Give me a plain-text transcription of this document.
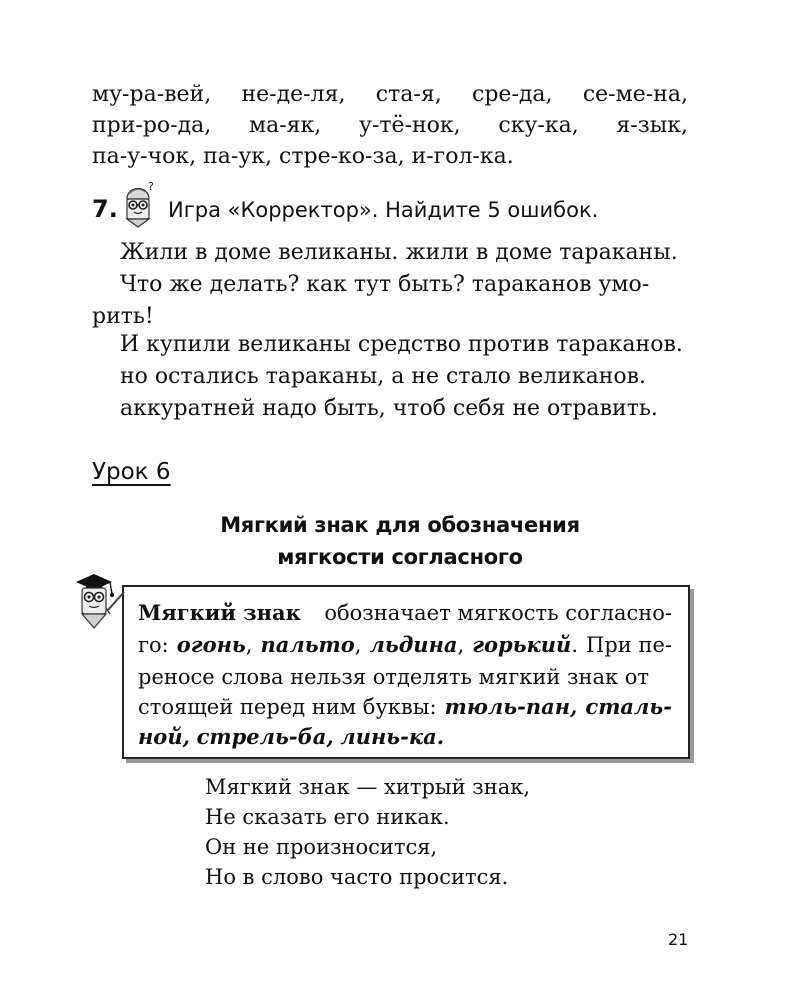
му-ра-вей, не-де-ля, ста-я, сре-да, се-ме-на,
при-ро-да, ма-як, у-тё-нок, ску-ка, я-зык,
па-у-чок, па-ук, стре-ко-за, и-гол-ка.
7.
?
Игра «Корректор». Найдите 5 ошибок.
Жили в доме великаны. жили в доме тараканы.
Что же делать? как тут быть? тараканов умо-
рить!
И купили великаны средство против тараканов.
но остались тараканы, а не стало великанов.
аккуратней надо быть, чтоб себя не отравить.
Урок 6
Мягкий знак для обозначения
мягкости согласного
Мягкий знак обозначает мягкость согласно-
го: огонь, пальто, льдина, горький. При пе-
реносе слова нельзя отделять мягкий знак от
стоящей перед ним буквы: тюль-пан, сталь-
ной,
стрель-ба,
линь-ка.
Мягкий знак — хитрый знак,
Не сказать его никак.
Он не произносится,
Но в слово часто просится.
21
